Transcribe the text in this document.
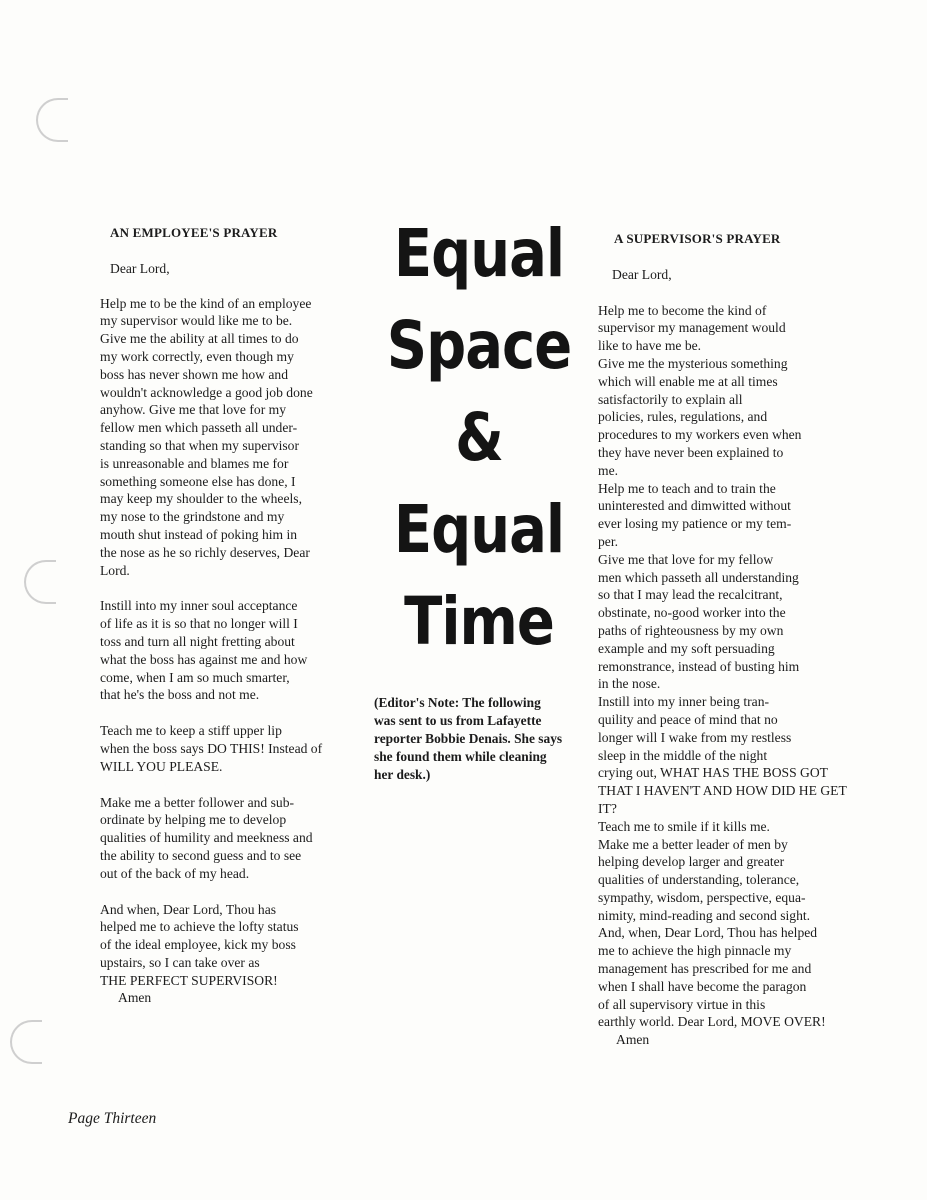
AN EMPLOYEE'S PRAYER
Dear Lord,
Help me to be the kind of an employee
my supervisor would like me to be.
Give me the ability at all times to do
my work correctly, even though my
boss has never shown me how and
wouldn't acknowledge a good job done
anyhow. Give me that love for my
fellow men which passeth all under-
standing so that when my supervisor
is unreasonable and blames me for
something someone else has done, I
may keep my shoulder to the wheels,
my nose to the grindstone and my
mouth shut instead of poking him in
the nose as he so richly deserves, Dear
Lord.
Instill into my inner soul acceptance
of life as it is so that no longer will I
toss and turn all night fretting about
what the boss has against me and how
come, when I am so much smarter,
that he's the boss and not me.
Teach me to keep a stiff upper lip
when the boss says DO THIS! Instead of
WILL YOU PLEASE.
Make me a better follower and sub-
ordinate by helping me to develop
qualities of humility and meekness and
the ability to second guess and to see
out of the back of my head.
And when, Dear Lord, Thou has
helped me to achieve the lofty status
of the ideal employee, kick my boss
upstairs, so I can take over as
THE PERFECT SUPERVISOR!
Amen
Equal
Space
&
Equal
Time
(Editor's Note: The following
was sent to us from Lafayette
reporter Bobbie Denais. She says
she found them while cleaning
her desk.)
A SUPERVISOR'S PRAYER
Dear Lord,
Help me to become the kind of
supervisor my management would
like to have me be.
Give me the mysterious something
which will enable me at all times
satisfactorily to explain all
policies, rules, regulations, and
procedures to my workers even when
they have never been explained to
me.
Help me to teach and to train the
uninterested and dimwitted without
ever losing my patience or my tem-
per.
Give me that love for my fellow
men which passeth all understanding
so that I may lead the recalcitrant,
obstinate, no-good worker into the
paths of righteousness by my own
example and my soft persuading
remonstrance, instead of busting him
in the nose.
Instill into my inner being tran-
quility and peace of mind that no
longer will I wake from my restless
sleep in the middle of the night
crying out, WHAT HAS THE BOSS GOT
THAT I HAVEN'T AND HOW DID HE GET
IT?
Teach me to smile if it kills me.
Make me a better leader of men by
helping develop larger and greater
qualities of understanding, tolerance,
sympathy, wisdom, perspective, equa-
nimity, mind-reading and second sight.
And, when, Dear Lord, Thou has helped
me to achieve the high pinnacle my
management has prescribed for me and
when I shall have become the paragon
of all supervisory virtue in this
earthly world. Dear Lord, MOVE OVER!
Amen
Page Thirteen
